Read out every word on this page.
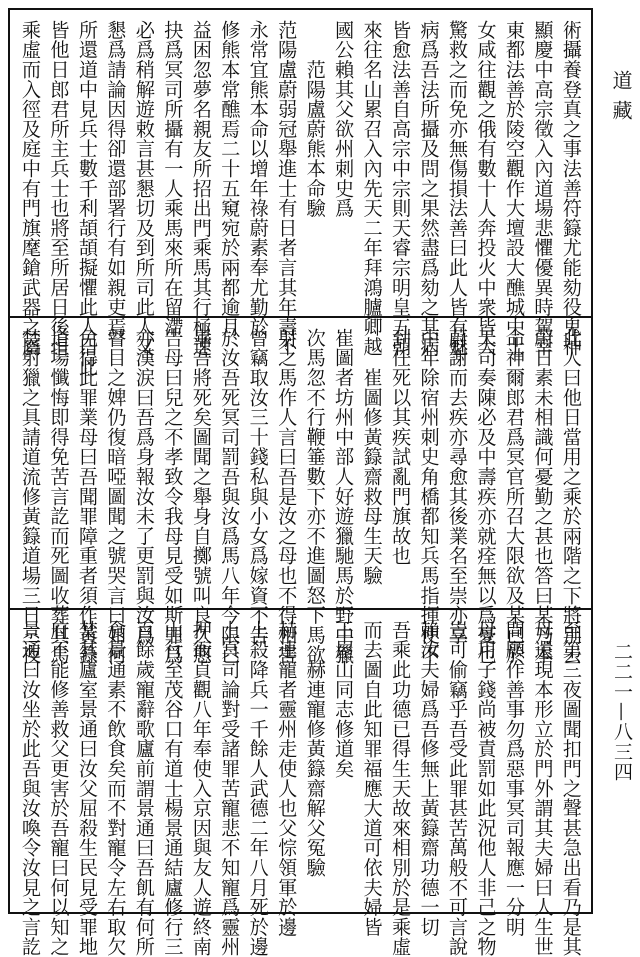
術攝養登真之事法善符籙尤能劾役鬼神
顯慶中高宗徵入內道場悲懼優異時駕幸
東都法善於陵空觀作大壇設大醮城中士
女咸往觀之俄有數十人奔投火中衆皆大
驚救之而免亦無傷損法善曰此人皆有魅
病爲吾法所攝及問之果然盡爲劾之其病
皆愈法善自高宗中宗則天睿宗明皇五朝
來往名山累召入內先天二年拜鴻臚卿越
國公賴其父欲州刺史爲
　　范陽盧蔚熊本命驗
范陽盧蔚弱冠舉進士有日者言其年壽不
永常宜熊本命以增年祿蔚素奉尤勤於
修熊本常醮焉二十五窺宛於兩都逾月
益困忽夢名親友所招出門乘馬其行極速
抉爲冥司所攝有一人乘馬來所在留滯
必爲稍解遊敕言甚懇切及到所司此人又
懇爲請論因得卻還部署行有如親吏焉
所還道中見兵士數千利頡頡擬懼此人曰此
皆他日郎君所主兵士也將至所居日後垣
乘虛而入徑及庭中有門旗麾鎗武器之屬
此人曰他日當用之乘於兩階之下將別去
蔚日素未相識何憂勤之甚也答曰某乃本
命神爾郎君爲冥官所召大限欲及某已於
天司奏陳必及中壽疾亦就痊無以爲憂也
蔚謝而去疾亦尋愈其後業名至崇亦享
中年除宿州刺史角橋都知兵馬指揮使不
到任死以其疾試亂門旗故也
　　崔圖修黃籙齋救母生天驗
崔圖者坊州中部人好遊獵馳馬於野中獵
次馬忽不行鞭箠數下亦不進圖怒下馬欲
射之馬作人言曰吾是汝之母也不得相害
曾竊取汝三十錢私與小女爲嫁資不告
於汝吾死冥司罰吾與汝爲馬八年今限已
畢吾將死矣圖聞之舉身自擲號叫良久憨
告母曰兒之不孝致令我母見受如斯罪爲
亦漢涙曰吾爲身報汝未了更罰與汝爲
瞽目之婢仍復暗啞圖聞之號哭言曰如何
免得此罪業母曰吾聞罪障重者須作黃籙
道場懺悔即得免苦言訖而死圖收葬其馬
焚射獵之具請道流修黃籙道場三日三夜
至第三夜圖聞扣門之聲甚急出看乃是其
母還現本形立於門外謂其夫婦曰人生世
間願作善事勿爲惡事冥司報應一分明
母用子錢尚被責罰如此況他人非己之物
豈可偷竊乎吾受此罪甚苦萬般不可言說
賴汝夫婦爲吾修無上黃籙齋功德一切
吾乘此功德已得生天故來相別於是乘虛
而去圖自此知罪福應大道可依夫婦皆
王屋山同志修道矣
　　赫連寵修黃籙齋解父冤驗
赫連寵者靈州走使人也父悰領軍於邊
上殺降兵一千餘人武德二年八月死於邊
上冥司論對受諸罪苦寵悲不知寵爲靈州
押衙貞觀八年奉使入京因與友人遊終南
山行至茂谷口有道士楊景通結廬修行三
百餘歲寵辭歌廬前謂景通曰吾飢有何所
食景通素不飲食矣而不對寵令左右取欠
焚其廬室景通曰汝父屈殺生民見受罪地
府不能修善救父更害於吾寵曰何以知之
景通曰汝坐於此吾與汝喚令汝見之言訖
道藏
二二一—八三四
